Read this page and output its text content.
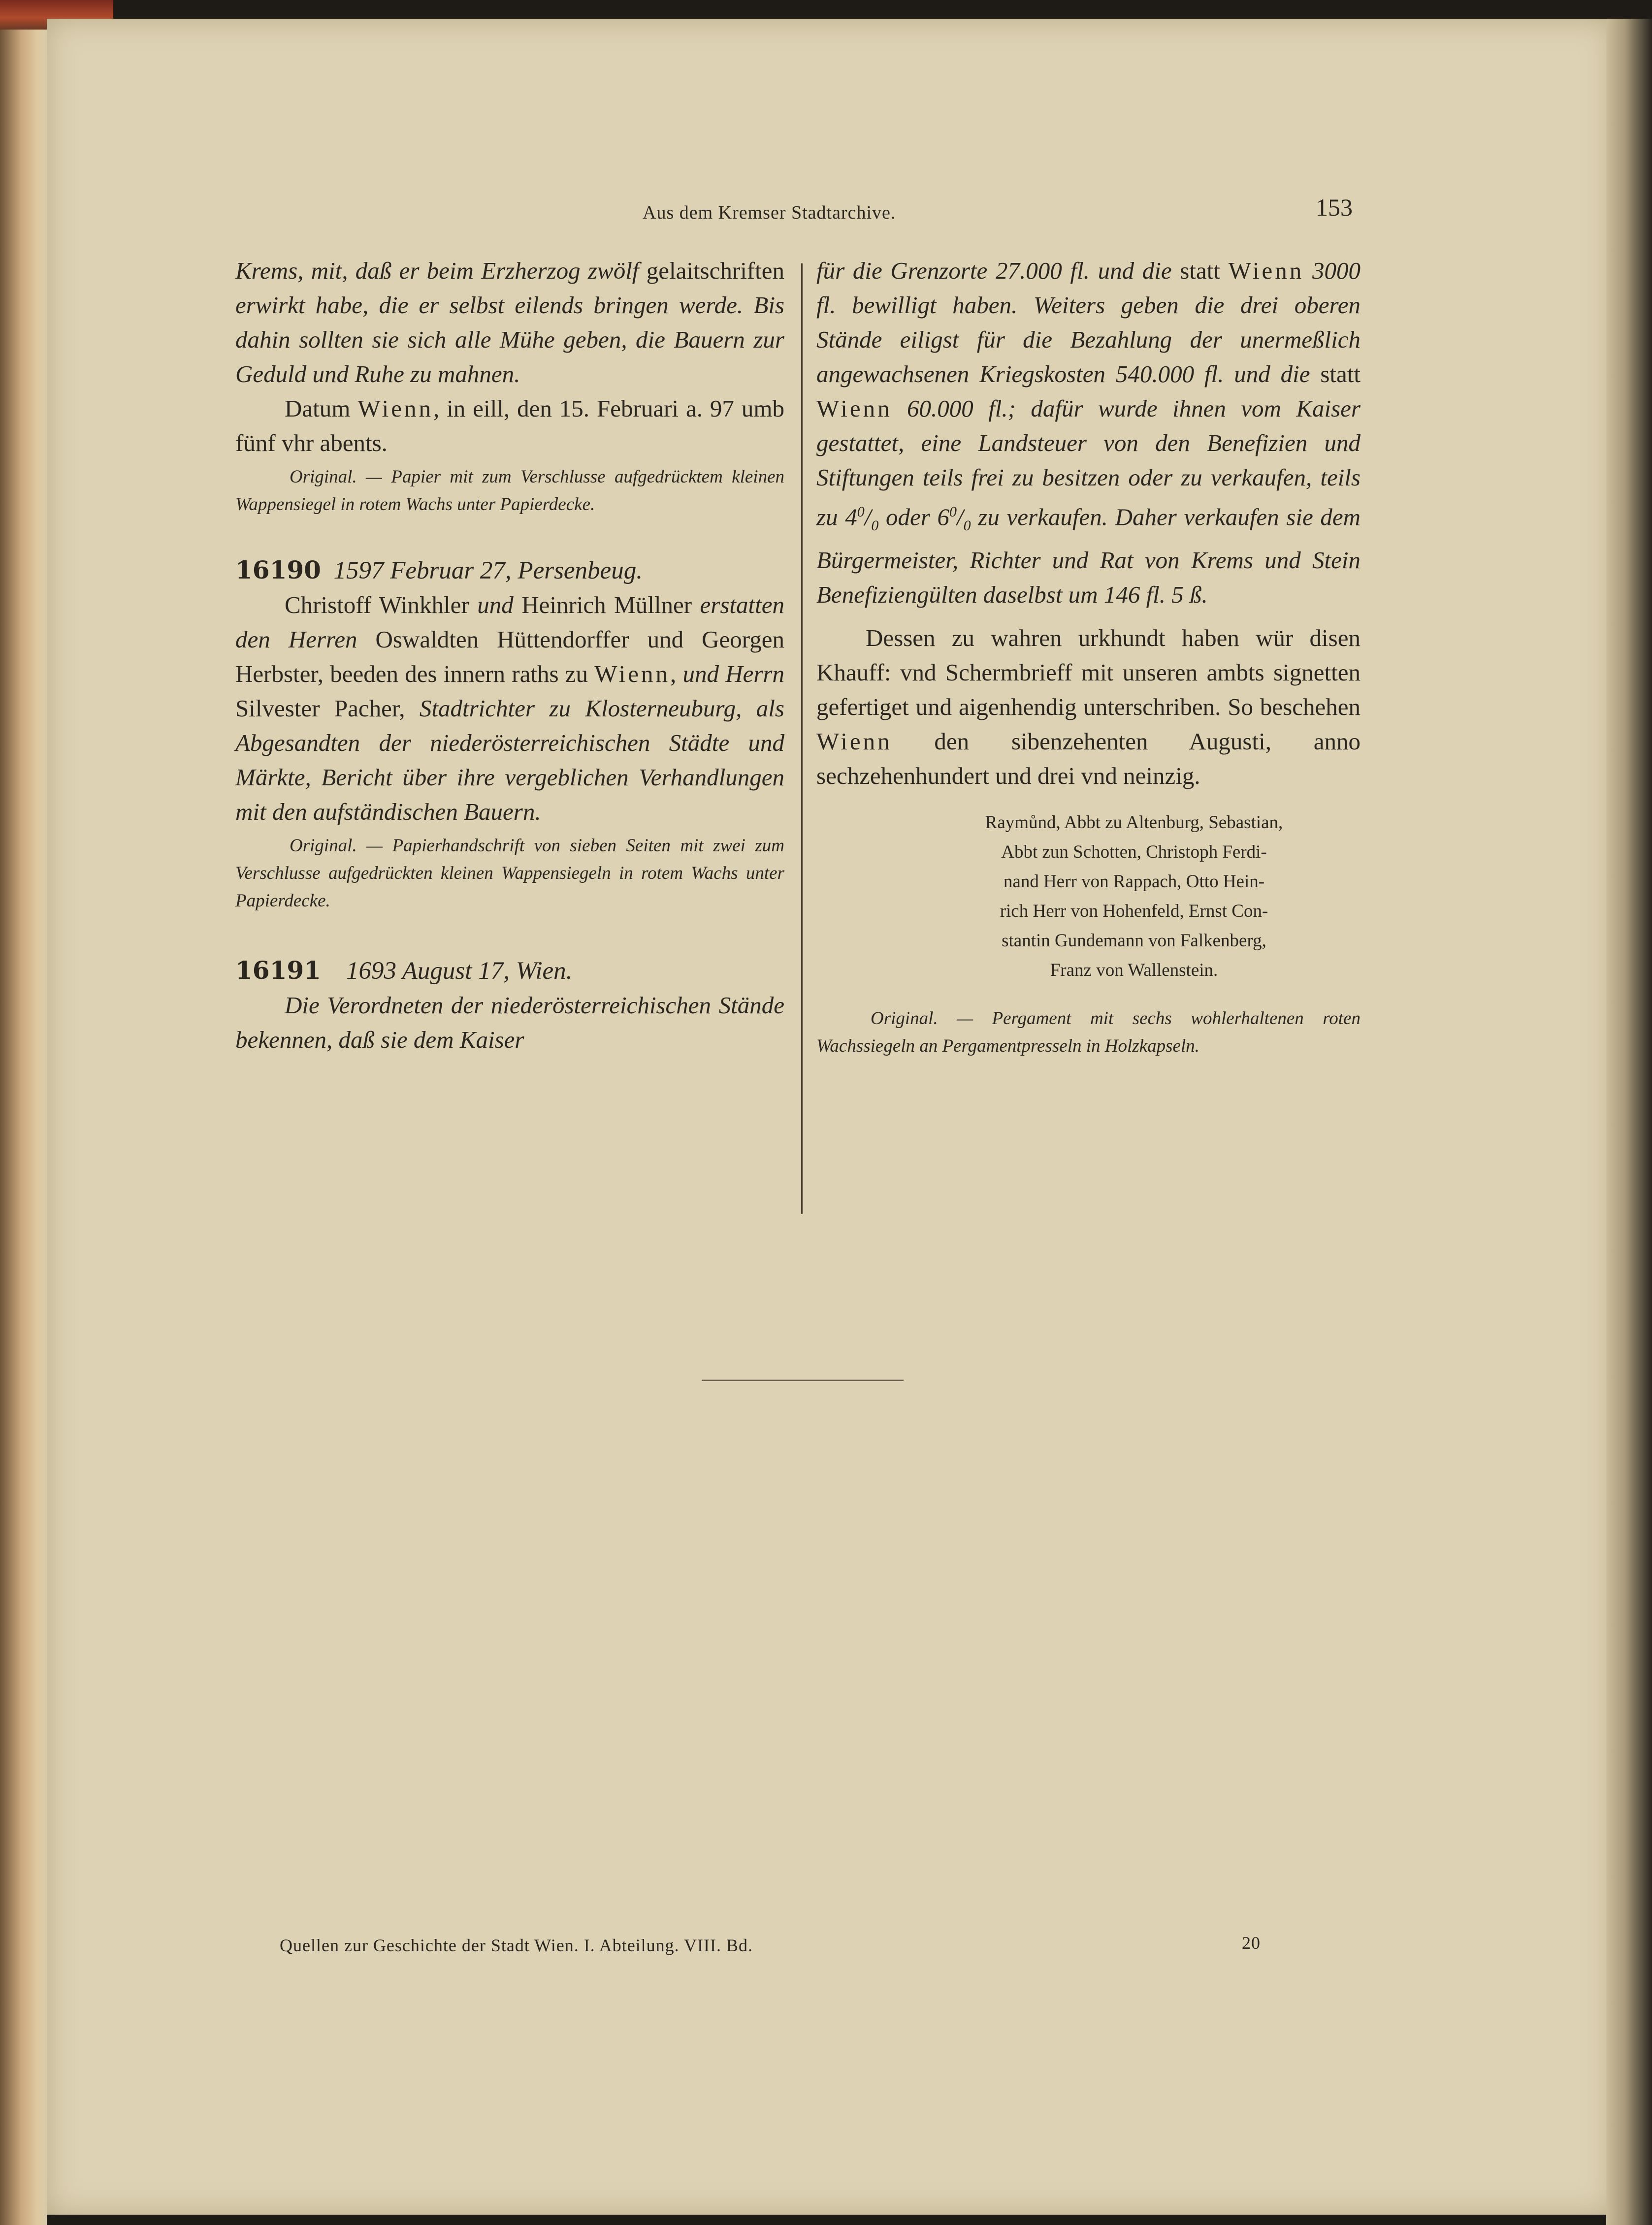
Aus dem Kremser Stadtarchive.	153

Krems, mit, daß er beim Erzherzog zwölf gelaitschriften erwirkt habe, die er selbst eilends bringen werde. Bis dahin sollten sie sich alle Mühe geben, die Bauern zur Geduld und Ruhe zu mahnen.

Datum Wienn, in eill, den 15. Februari a. 97 umb fünf vhr abents.

Original. — Papier mit zum Verschlusse aufgedrücktem kleinen Wappensiegel in rotem Wachs unter Papierdecke.

16190 1597 Februar 27, Persenbeug.

Christoff Winkhler und Heinrich Müllner erstatten den Herren Oswaldten Hüttendorffer und Georgen Herbster, beeden des innern raths zu Wienn, und Herrn Silvester Pacher, Stadtrichter zu Klosterneuburg, als Abgesandten der niederösterreichischen Städte und Märkte, Bericht über ihre vergeblichen Verhandlungen mit den aufständischen Bauern.

Original. — Papierhandschrift von sieben Seiten mit zwei zum Verschlusse aufgedrückten kleinen Wappensiegeln in rotem Wachs unter Papierdecke.

16191 1693 August 17, Wien.

Die Verordneten der niederösterreichischen Stände bekennen, daß sie dem Kaiser

für die Grenzorte 27.000 fl. und die statt Wienn 3000 fl. bewilligt haben. Weiters geben die drei oberen Stände eiligst für die Bezahlung der unermeßlich angewachsenen Kriegskosten 540.000 fl. und die statt Wienn 60.000 fl.; dafür wurde ihnen vom Kaiser gestattet, eine Landsteuer von den Benefizien und Stiftungen teils frei zu besitzen oder zu verkaufen, teils zu $4^0/_0$ oder $6^0/_0$ zu verkaufen. Daher verkaufen sie dem Bürgermeister, Richter und Rat von Krems und Stein Benefiziengülten daselbst um 146 fl. 5 ß.

Dessen zu wahren urkhundt haben wür disen Khauff: vnd Schermbrieff mit unseren ambts signetten gefertiget und aigenhendig unterschriben. So beschehen Wienn den sibenzehenten Augusti, anno sechzehenhundert und drei vnd neinzig.

Raymůnd, Abbt zu Altenburg, Sebastian,
Abbt zun Schotten, Christoph Ferdi-
nand Herr von Rappach, Otto Hein-
rich Herr von Hohenfeld, Ernst Con-
stantin Gundemann von Falkenberg,
Franz von Wallenstein.

Original. — Pergament mit sechs wohlerhaltenen roten Wachssiegeln an Pergamentpresseln in Holzkapseln.

Quellen zur Geschichte der Stadt Wien. I. Abteilung. VIII. Bd.	20
